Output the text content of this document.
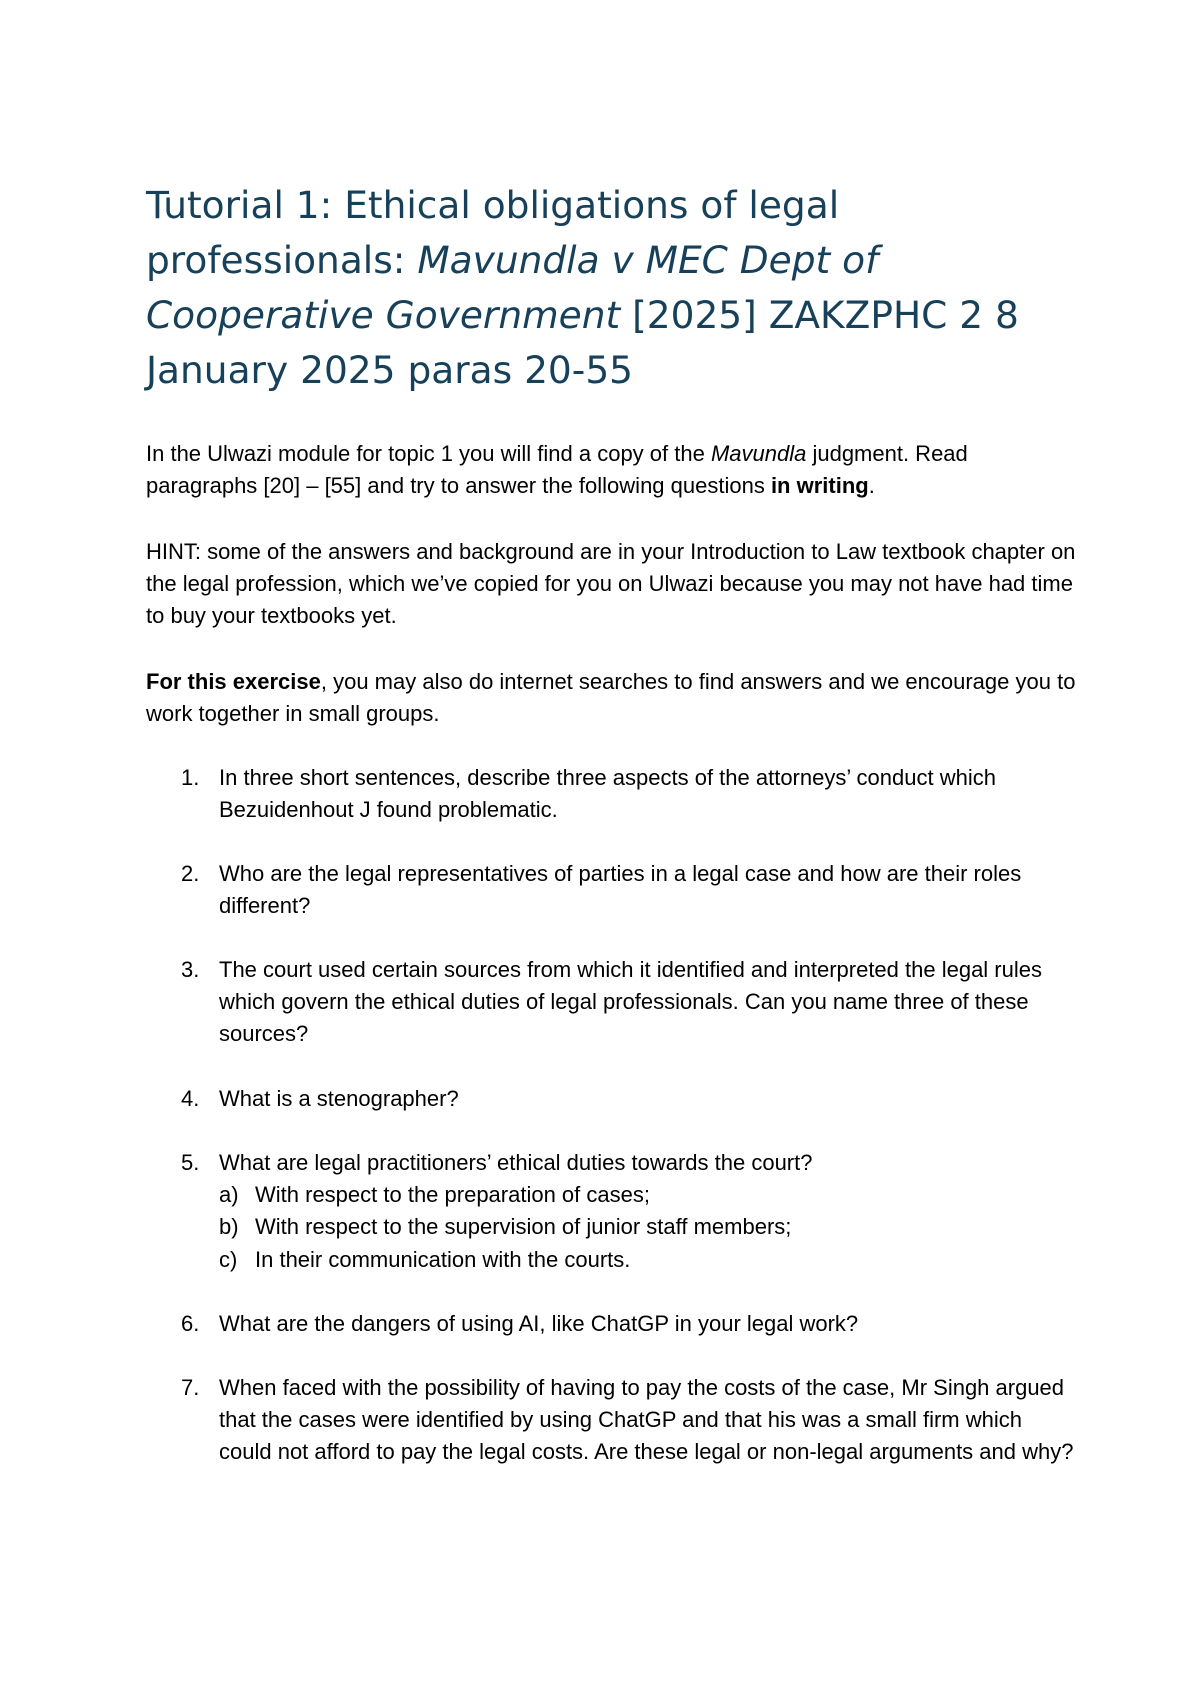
Tutorial 1: Ethical obligations of legal professionals: Mavundla v MEC Dept of Cooperative Government [2025] ZAKZPHC 2 8 January 2025 paras 20-55

In the Ulwazi module for topic 1 you will find a copy of the Mavundla judgment. Read paragraphs [20] – [55] and try to answer the following questions in writing.

HINT: some of the answers and background are in your Introduction to Law textbook chapter on the legal profession, which we’ve copied for you on Ulwazi because you may not have had time to buy your textbooks yet.

For this exercise, you may also do internet searches to find answers and we encourage you to work together in small groups.

1. In three short sentences, describe three aspects of the attorneys’ conduct which Bezuidenhout J found problematic.
2. Who are the legal representatives of parties in a legal case and how are their roles different?
3. The court used certain sources from which it identified and interpreted the legal rules which govern the ethical duties of legal professionals. Can you name three of these sources?
4. What is a stenographer?
5. What are legal practitioners’ ethical duties towards the court?
a) With respect to the preparation of cases;
b) With respect to the supervision of junior staff members;
c) In their communication with the courts.
6. What are the dangers of using AI, like ChatGP in your legal work?
7. When faced with the possibility of having to pay the costs of the case, Mr Singh argued that the cases were identified by using ChatGP and that his was a small firm which could not afford to pay the legal costs. Are these legal or non-legal arguments and why?
